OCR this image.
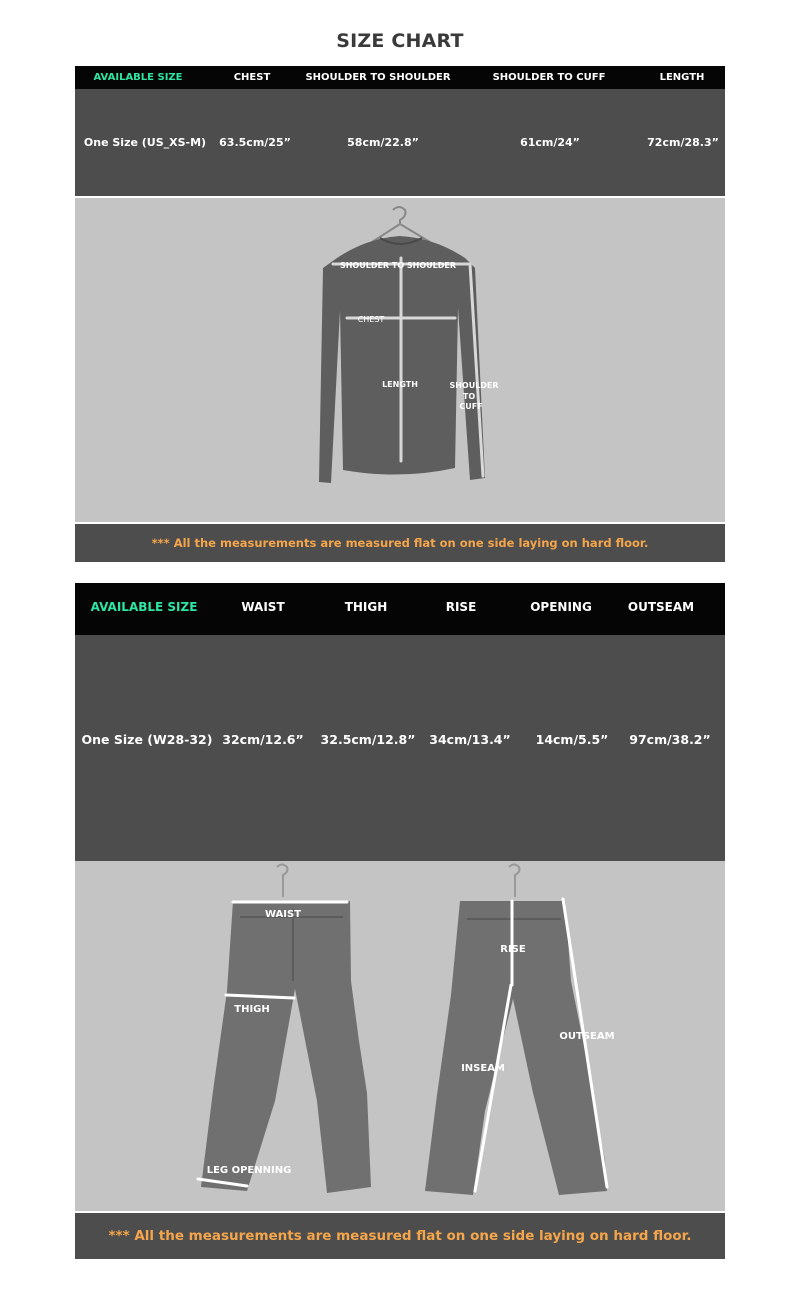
SIZE CHART
AVAILABLE SIZE	CHEST	SHOULDER TO SHOULDER	SHOULDER TO CUFF	LENGTH
One Size (US_XS-M) 63.5cm/25”	58cm/22.8”	61cm/24”	72cm/28.3”
SHOULDER TO SHOULDER
CHEST
LENGTH	SHOULDER
TO
CUFF
*** All the measurements are measured flat on one side laying on hard floor.
AVAILABLE SIZE	WAIST	THIGH	RISE	OPENING	OUTSEAM
One Size (W28-32) 32cm/12.6” 32.5cm/12.8” 34cm/13.4” 14cm/5.5” 97cm/38.2”
WAIST
THIGH
LEG OPENNING
RISE
INSEAM
OUTSEAM
*** All the measurements are measured flat on one side laying on hard floor.
